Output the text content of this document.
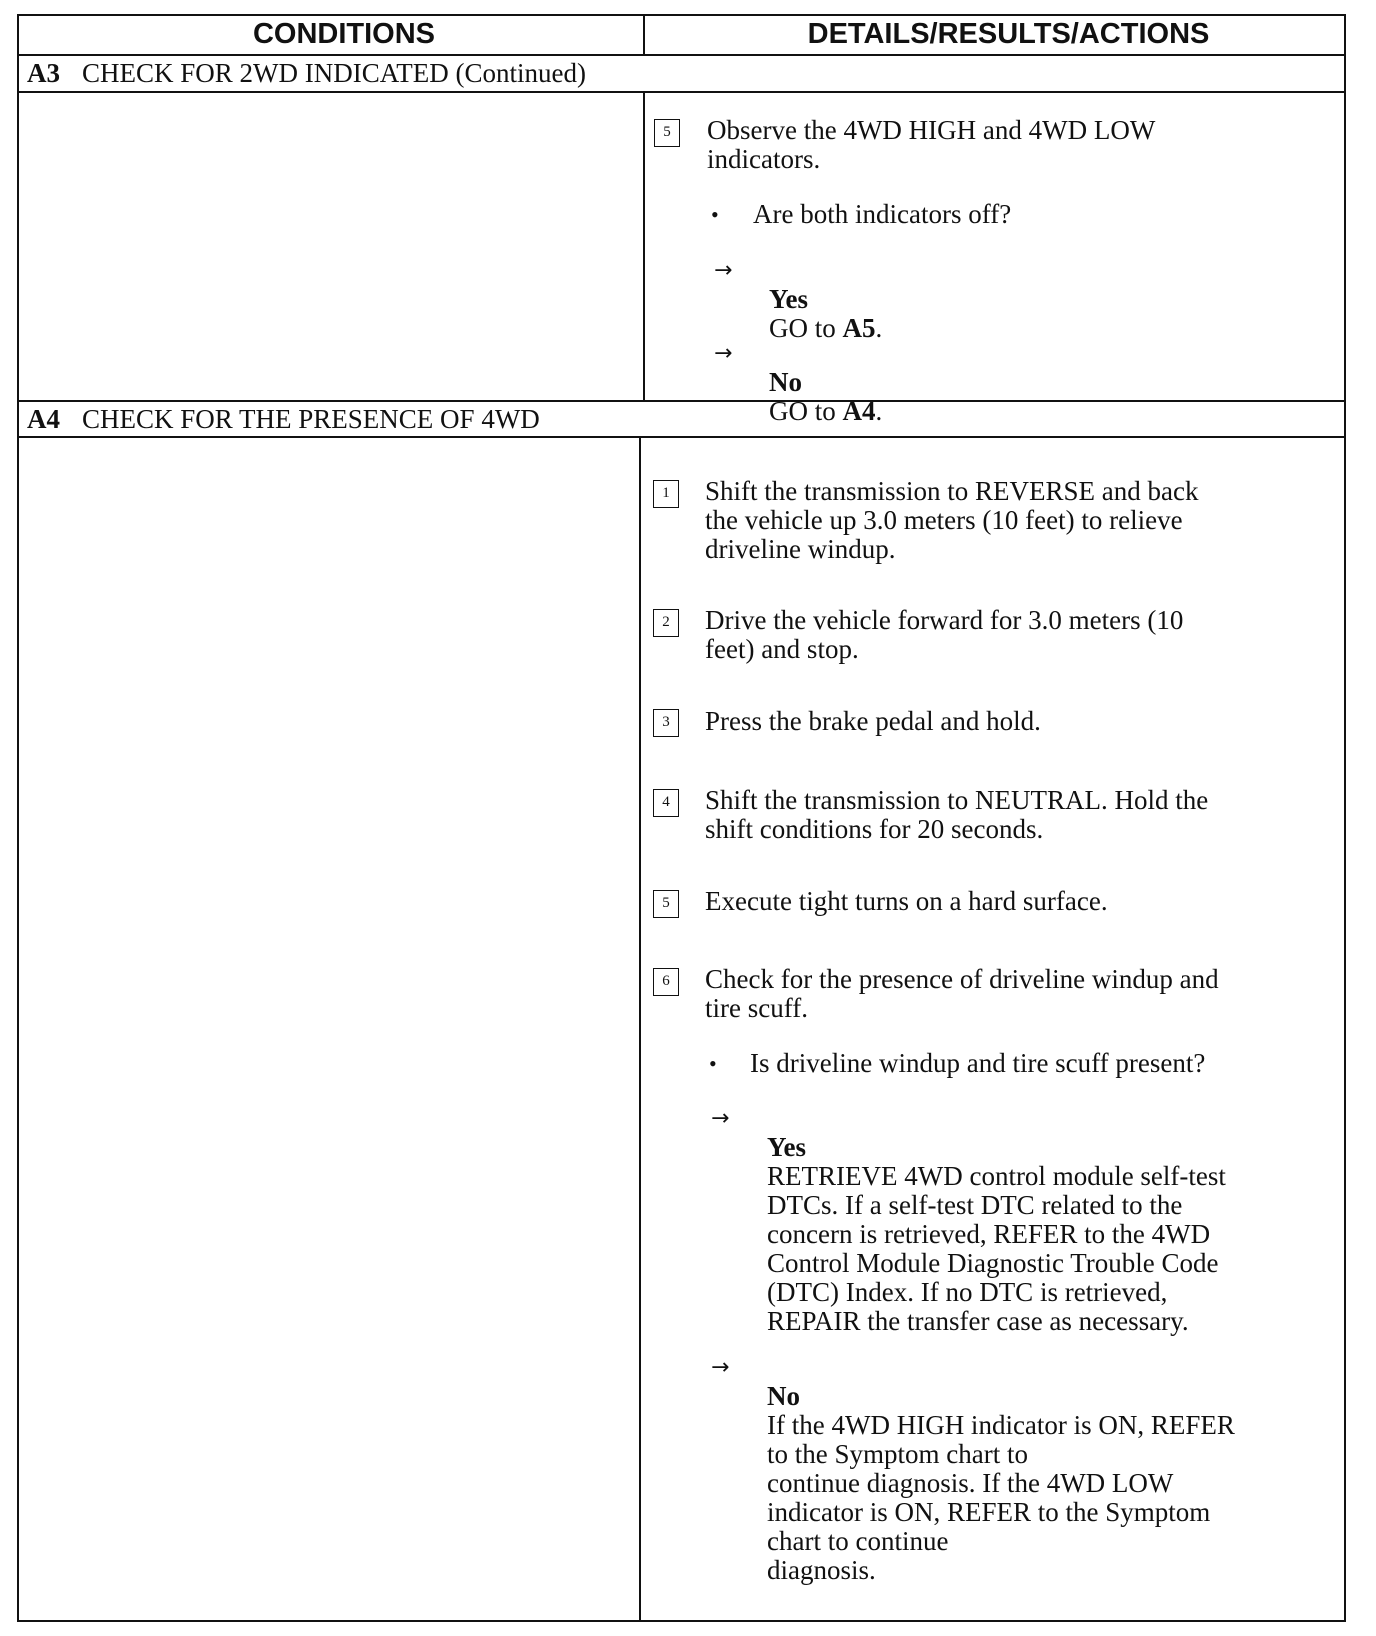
CONDITIONS	DETAILS/RESULTS/ACTIONS
A3 CHECK FOR 2WD INDICATED (Continued)
5	Observe the 4WD HIGH and 4WD LOW
indicators.
• Are both indicators off?
→

Yes
GO to A5.

→

No
GO to A4.

A4 CHECK FOR THE PRESENCE OF 4WD
1	Shift the transmission to REVERSE and back
the vehicle up 3.0 meters (10 feet) to relieve
driveline windup.
2	Drive the vehicle forward for 3.0 meters (10
feet) and stop.
3	Press the brake pedal and hold.
4	Shift the transmission to NEUTRAL. Hold the
shift conditions for 20 seconds.
5	Execute tight turns on a hard surface.
6	Check for the presence of driveline windup and
tire scuff.
• Is driveline windup and tire scuff present?
→

Yes
RETRIEVE 4WD control module self-test
DTCs. If a self-test DTC related to the
concern is retrieved, REFER to the 4WD
Control Module Diagnostic Trouble Code
(DTC) Index. If no DTC is retrieved,
REPAIR the transfer case as necessary.

→

No
If the 4WD HIGH indicator is ON, REFER
to the Symptom chart to
continue diagnosis. If the 4WD LOW
indicator is ON, REFER to the Symptom
chart to continue
diagnosis.
